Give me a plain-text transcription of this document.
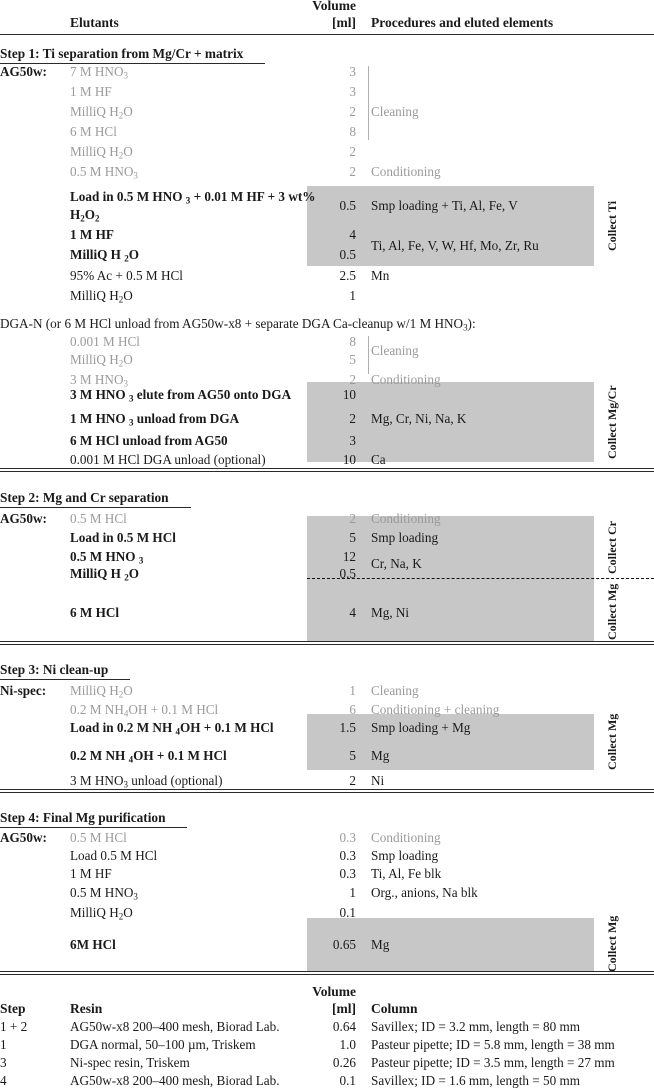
Volume
Elutants	[ml] Procedures and eluted elements
Step 1: Ti separation from Mg/Cr + matrix
Collect Ti
AG50w: 7 M $HNO_3$	3
1 M HF	3
MilliQ $H_2O$	2 Cleaning
6 M HCl	8
MilliQ $H_2O$	2
0.5 M $HNO_3$	2 Conditioning
Load in 0.5 M HNO $_3$ + 0.01 M HF + 3 wt%
$H_2O_2$
0.5 Smp loading + Ti, Al, Fe, V
1 M HF	4
MilliQ H $_2$O	0.5
Ti, Al, Fe, V, W, Hf, Mo, Zr, Ru
95% Ac + 0.5 M HCl	2.5 Mn
MilliQ $H_2O$	1
DGA-N (or 6 M HCl unload from AG50w-x8 + separate DGA Ca-cleanup w/1 M $HNO_3$):
Collect Mg/Cr
0.001 M HCl	8
MilliQ $H_2O$	5
Cleaning
3 M $HNO_3$	2 Conditioning
3 M HNO $_3$ elute from AG50 onto DGA	10
1 M HNO $_3$ unload from DGA	2 Mg, Cr, Ni, Na, K
6 M HCl unload from AG50	3
0.001 M HCl DGA unload (optional)	10 Ca
Step 2: Mg and Cr separation
Collect Cr
Collect Mg
AG50w: 0.5 M HCl	2 Conditioning
Load in 0.5 M HCl	5 Smp loading
0.5 M HNO $_3$	12
MilliQ H $_2$O	0.5
Cr, Na, K
6 M HCl	4 Mg, Ni
Step 3: Ni clean-up
Collect Mg
Ni-spec: MilliQ $H_2O$	1 Cleaning
0.2 M $NH_4OH + 0.1$ M HCl	6 Conditioning + cleaning
Load in 0.2 M NH $_4$OH + 0.1 M HCl	1.5 Smp loading + Mg
0.2 M NH $_4$OH + 0.1 M HCl	5 Mg
3 M $HNO_3$ unload (optional)	2 Ni
Step 4: Final Mg purification
Collect Mg
AG50w: 0.5 M HCl	0.3 Conditioning
Load 0.5 M HCl	0.3 Smp loading
1 M HF	0.3 Ti, Al, Fe blk
0.5 M $HNO_3$	1 Org., anions, Na blk
MilliQ $H_2O$	0.1
6M HCl	0.65 Mg
Volume
Step	Resin	[ml] Column
1 + 2	AG50w-x8 200–400 mesh, Biorad Lab.	0.64 Savillex; ID = 3.2 mm, length = 80 mm
1	DGA normal, 50–100 µm, Triskem	1.0 Pasteur pipette; ID = 5.8 mm, length = 38 mm
3	Ni-spec resin, Triskem	0.26 Pasteur pipette; ID = 3.5 mm, length = 27 mm
4	AG50w-x8 200–400 mesh, Biorad Lab.	0.1 Savillex; ID = 1.6 mm, length = 50 mm
